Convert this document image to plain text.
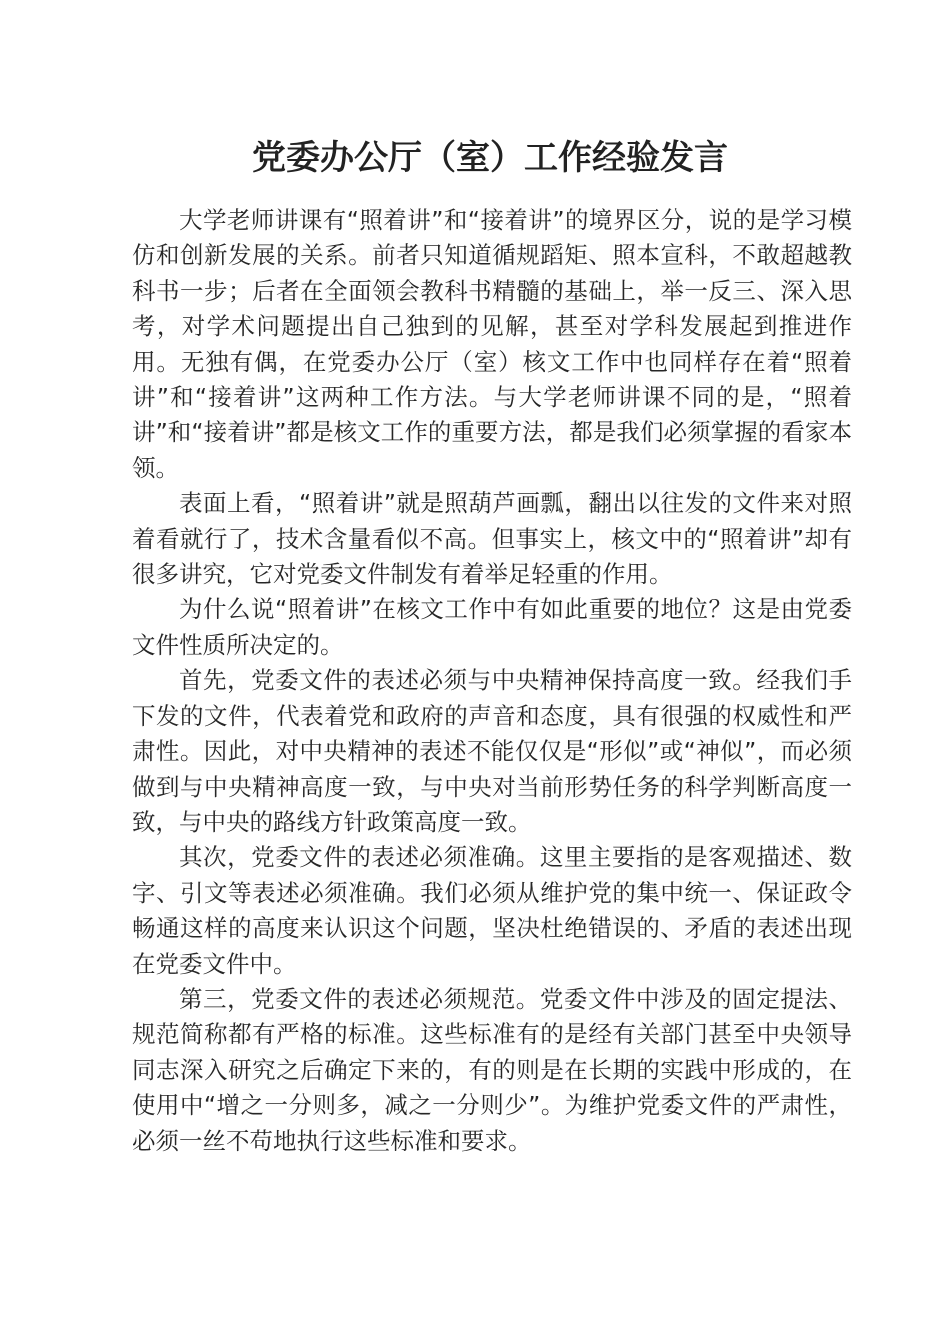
党委办公厅（室）工作经验发言

大学老师讲课有“照着讲”和“接着讲”的境界区分，说的是学习模仿和创新发展的关系。前者只知道循规蹈矩、照本宣科，不敢超越教科书一步；后者在全面领会教科书精髓的基础上，举一反三、深入思考，对学术问题提出自己独到的见解，甚至对学科发展起到推进作用。无独有偶，在党委办公厅（室）核文工作中也同样存在着“照着讲”和“接着讲”这两种工作方法。与大学老师讲课不同的是，“照着讲”和“接着讲”都是核文工作的重要方法，都是我们必须掌握的看家本领。

表面上看，“照着讲”就是照葫芦画瓢，翻出以往发的文件来对照着看就行了，技术含量看似不高。但事实上，核文中的“照着讲”却有很多讲究，它对党委文件制发有着举足轻重的作用。

为什么说“照着讲”在核文工作中有如此重要的地位？这是由党委文件性质所决定的。

首先，党委文件的表述必须与中央精神保持高度一致。经我们手下发的文件，代表着党和政府的声音和态度，具有很强的权威性和严肃性。因此，对中央精神的表述不能仅仅是“形似”或“神似”，而必须做到与中央精神高度一致，与中央对当前形势任务的科学判断高度一致，与中央的路线方针政策高度一致。

其次，党委文件的表述必须准确。这里主要指的是客观描述、数字、引文等表述必须准确。我们必须从维护党的集中统一、保证政令畅通这样的高度来认识这个问题，坚决杜绝错误的、矛盾的表述出现在党委文件中。

第三，党委文件的表述必须规范。党委文件中涉及的固定提法、规范简称都有严格的标准。这些标准有的是经有关部门甚至中央领导同志深入研究之后确定下来的，有的则是在长期的实践中形成的，在使用中“增之一分则多，减之一分则少”。为维护党委文件的严肃性，必须一丝不苟地执行这些标准和要求。
